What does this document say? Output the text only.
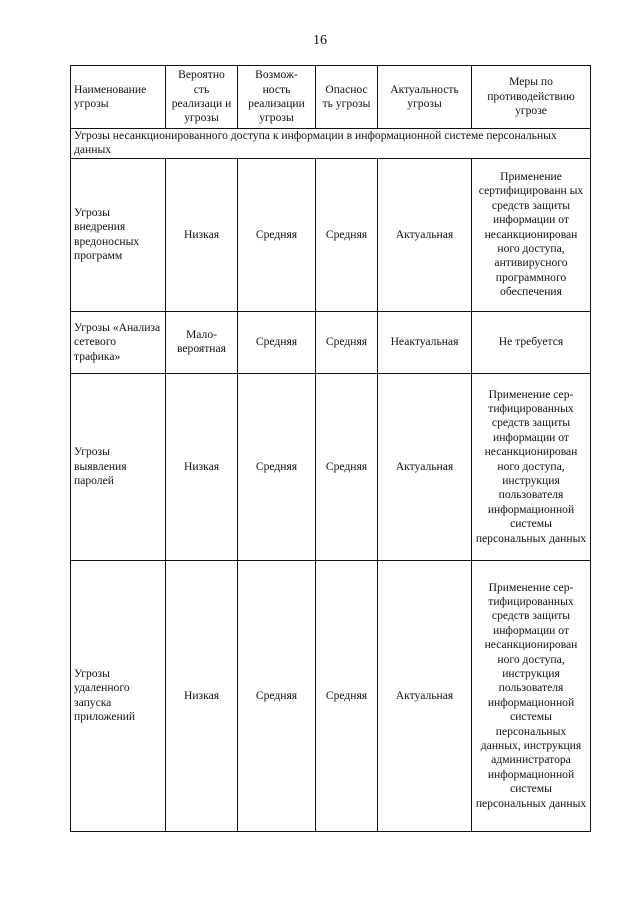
16
Наименование угрозы	Вероятно сть реализаци и угрозы	Возмож- ность реализации угрозы	Опаснос ть угрозы	Актуальность угрозы	Меры по противодействию угрозе
Угрозы несанкционированного доступа к информации в информационной системе персональных данных					
Угрозы внедрения вредоносных программ	Низкая	Средняя	Средняя	Актуальная	Применение сертифицированн ых средств защиты информации от несанкционирован ного доступа, антивирусного программного обеспечения
Угрозы «Анализа сетевого трафика»	Мало- вероятная	Средняя	Средняя	Неактуальная	Не требуется
Угрозы выявления паролей	Низкая	Средняя	Средняя	Актуальная	Применение сер- тифицированных средств защиты информации от несанкционирован ного доступа, инструкция пользователя информационной системы персональных данных
Угрозы удаленного запуска приложений	Низкая	Средняя	Средняя	Актуальная	Применение сер- тифицированных средств защиты информации от несанкционирован ного доступа, инструкция пользователя информационной системы персональных данных, инструкция администратора информационной системы персональных данных
